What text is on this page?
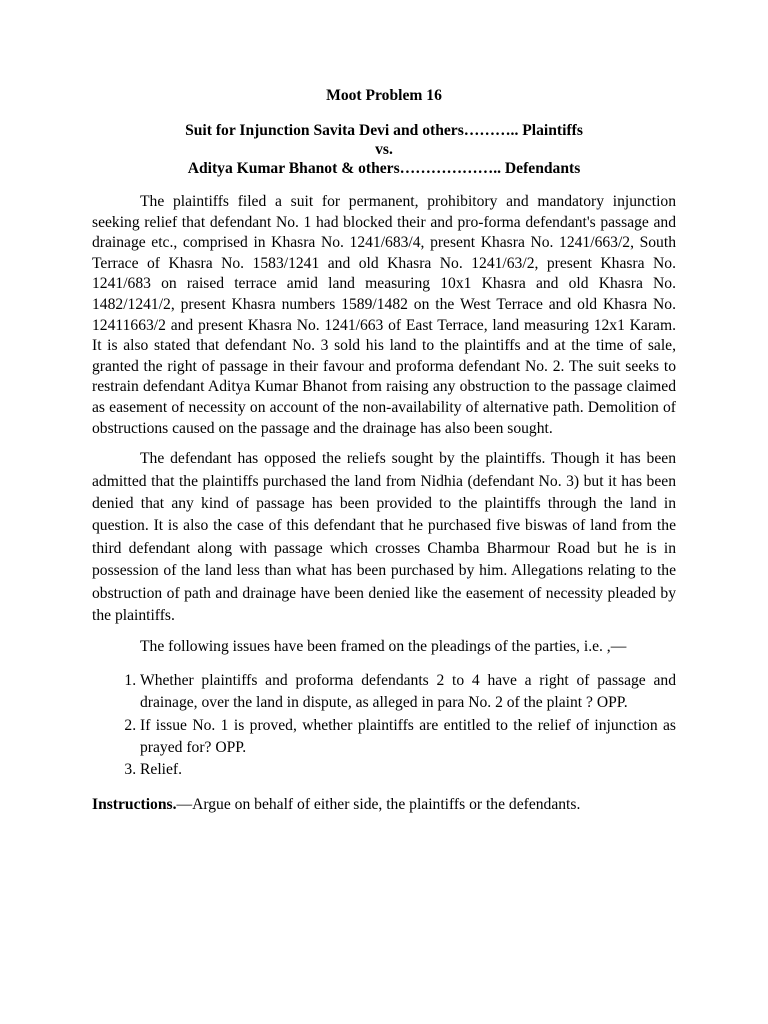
Moot Problem 16
Suit for Injunction Savita Devi and others……….. Plaintiffs
vs.
Aditya Kumar Bhanot & others……………….. Defendants

The plaintiffs filed a suit for permanent, prohibitory and mandatory injunction seeking relief that defendant No. 1 had blocked their and pro-forma defendant's passage and drainage etc., comprised in Khasra No. 1241/683/4, present Khasra No. 1241/663/2, South Terrace of Khasra No. 1583/1241 and old Khasra No. 1241/63/2, present Khasra No. 1241/683 on raised terrace amid land measuring 10x1 Khasra and old Khasra No. 1482/1241/2, present Khasra numbers 1589/1482 on the West Terrace and old Khasra No. 12411663/2 and present Khasra No. 1241/663 of East Terrace, land measuring 12x1 Karam. It is also stated that defendant No. 3 sold his land to the plaintiffs and at the time of sale, granted the right of passage in their favour and proforma defendant No. 2. The suit seeks to restrain defendant Aditya Kumar Bhanot from raising any obstruction to the passage claimed as easement of necessity on account of the non-availability of alternative path. Demolition of obstructions caused on the passage and the drainage has also been sought.

The defendant has opposed the reliefs sought by the plaintiffs. Though it has been admitted that the plaintiffs purchased the land from Nidhia (defendant No. 3) but it has been denied that any kind of passage has been provided to the plaintiffs through the land in question. It is also the case of this defendant that he purchased five biswas of land from the third defendant along with passage which crosses Chamba Bharmour Road but he is in possession of the land less than what has been purchased by him. Allegations relating to the obstruction of path and drainage have been denied like the easement of necessity pleaded by the plaintiffs.

The following issues have been framed on the pleadings of the parties, i.e. ,—

1. Whether plaintiffs and proforma defendants 2 to 4 have a right of passage and drainage, over the land in dispute, as alleged in para No. 2 of the plaint ? OPP.
2. If issue No. 1 is proved, whether plaintiffs are entitled to the relief of injunction as prayed for? OPP.
3. Relief.

Instructions.—Argue on behalf of either side, the plaintiffs or the defendants.
